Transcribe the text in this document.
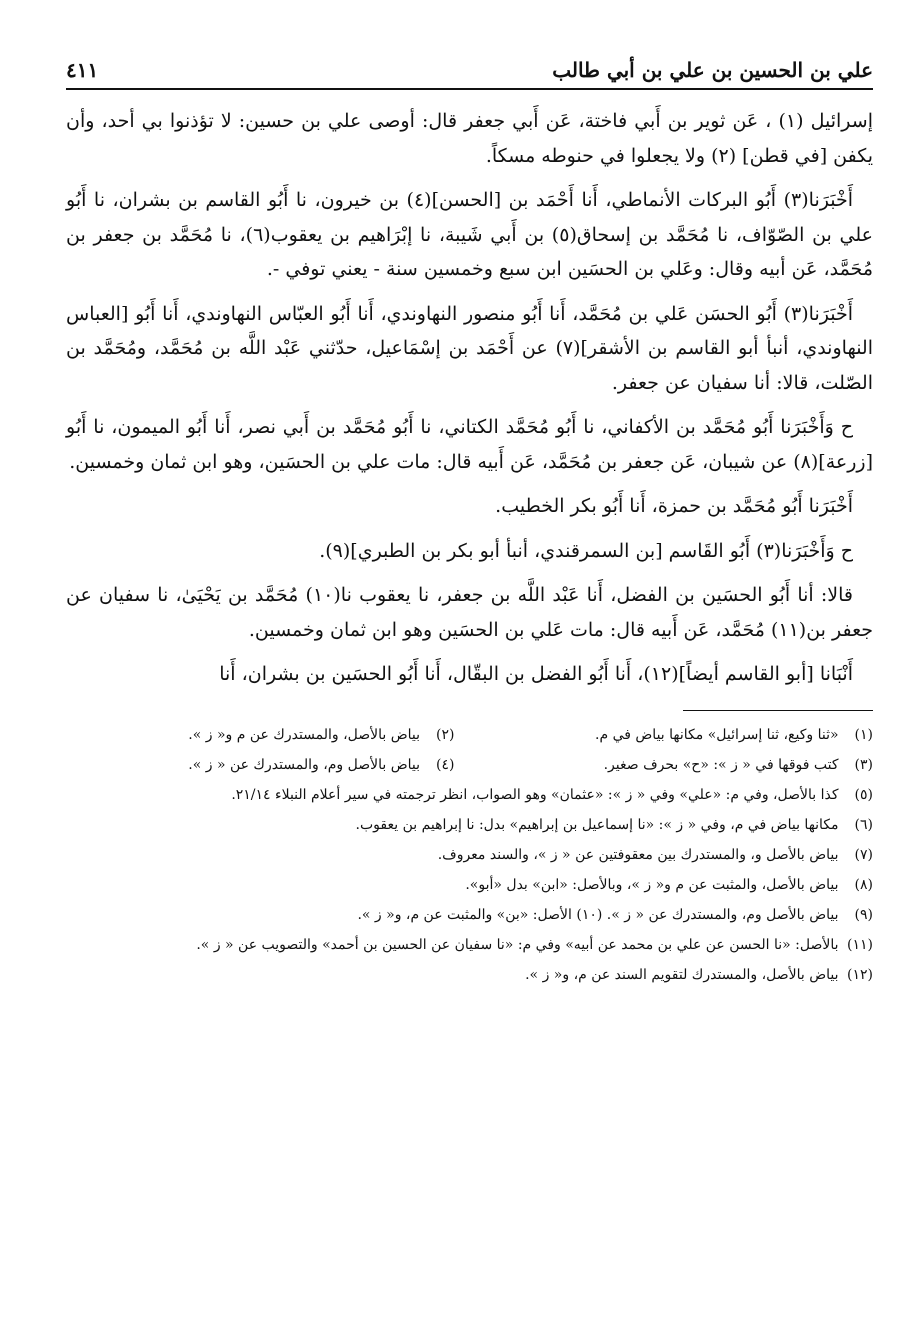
علي بن الحسين بن علي بن أبي طالب
٤١١

إسرائيل (١) ، عَن ثوير بن أَبي فاختة، عَن أَبي جعفر قال: أوصى علي بن حسين: لا تؤذنوا بي أحد، وأن يكفن [في قطن] (٢) ولا يجعلوا في حنوطه مسكاً.

أَخْبَرَنا(٣) أَبُو البركات الأنماطي، أَنا أَحْمَد بن [الحسن](٤) بن خيرون، نا أَبُو القاسم بن بشران، نا أَبُو علي بن الصّوّاف، نا مُحَمَّد بن إسحاق(٥) بن أَبي شَيبة، نا إبْرَاهيم بن يعقوب(٦)، نا مُحَمَّد بن جعفر بن مُحَمَّد، عَن أبيه وقال: وعَلي بن الحسَين ابن سبع وخمسين سنة - يعني توفي -.

أَخْبَرَنا(٣) أَبُو الحسَن عَلي بن مُحَمَّد، أَنا أَبُو منصور النهاوندي، أَنا أَبُو العبّاس النهاوندي، أَنا أَبُو [العباس النهاوندي، أنبأ أبو القاسم بن الأشقر](٧) عن أَحْمَد بن إسْمَاعيل، حدّثني عَبْد اللَّه بن مُحَمَّد، ومُحَمَّد بن الصّلت، قالا: أنا سفيان عن جعفر.

ح وَأَخْبَرَنا أَبُو مُحَمَّد بن الأكفاني، نا أَبُو مُحَمَّد الكتاني، نا أَبُو مُحَمَّد بن أَبي نصر، أَنا أَبُو الميمون، نا أَبُو [زرعة](٨) عن شيبان، عَن جعفر بن مُحَمَّد، عَن أَبيه قال: مات علي بن الحسَين، وهو ابن ثمان وخمسين.

أَخْبَرَنا أَبُو مُحَمَّد بن حمزة، أَنا أَبُو بكر الخطيب.

ح وَأَخْبَرَنا(٣) أَبُو القَاسم [بن السمرقندي، أنبأ أبو بكر بن الطبري](٩).

قالا: أنا أَبُو الحسَين بن الفضل، أَنا عَبْد اللَّه بن جعفر، نا يعقوب نا(١٠) مُحَمَّد بن يَحْيَىٰ، نا سفيان عن جعفر بن(١١) مُحَمَّد، عَن أَبيه قال: مات عَلي بن الحسَين وهو ابن ثمان وخمسين.

أَنْبَانا [أبو القاسم أيضاً](١٢)، أَنا أَبُو الفضل بن البقّال، أَنا أَبُو الحسَين بن بشران، أَنا

(١) «ثنا وكيع، ثنا إسرائيل» مكانها بياض في م.
(٢) بياض بالأصل، والمستدرك عن م و« ز ».
(٣) كتب فوقها في « ز »: «ح» بحرف صغير.
(٤) بياض بالأصل وم، والمستدرك عن « ز ».
(٥) كذا بالأصل، وفي م: «علي» وفي « ز »: «عثمان» وهو الصواب، انظر ترجمته في سير أعلام النبلاء ٢١/١٤.
(٦) مكانها بياض في م، وفي « ز »: «نا إسماعيل بن إبراهيم» بدل: نا إبراهيم بن يعقوب.
(٧) بياض بالأصل و، والمستدرك بين معقوفتين عن « ز »، والسند معروف.
(٨) بياض بالأصل، والمثبت عن م و« ز »، وبالأصل: «ابن» بدل «أبو».
(٩) بياض بالأصل وم، والمستدرك عن « ز ». (١٠) الأصل: «بن» والمثبت عن م، و« ز ».
(١١) بالأصل: «نا الحسن عن علي بن محمد عن أبيه» وفي م: «نا سفيان عن الحسين بن أحمد» والتصويب عن « ز ».
(١٢) بياض بالأصل، والمستدرك لتقويم السند عن م، و« ز ».
